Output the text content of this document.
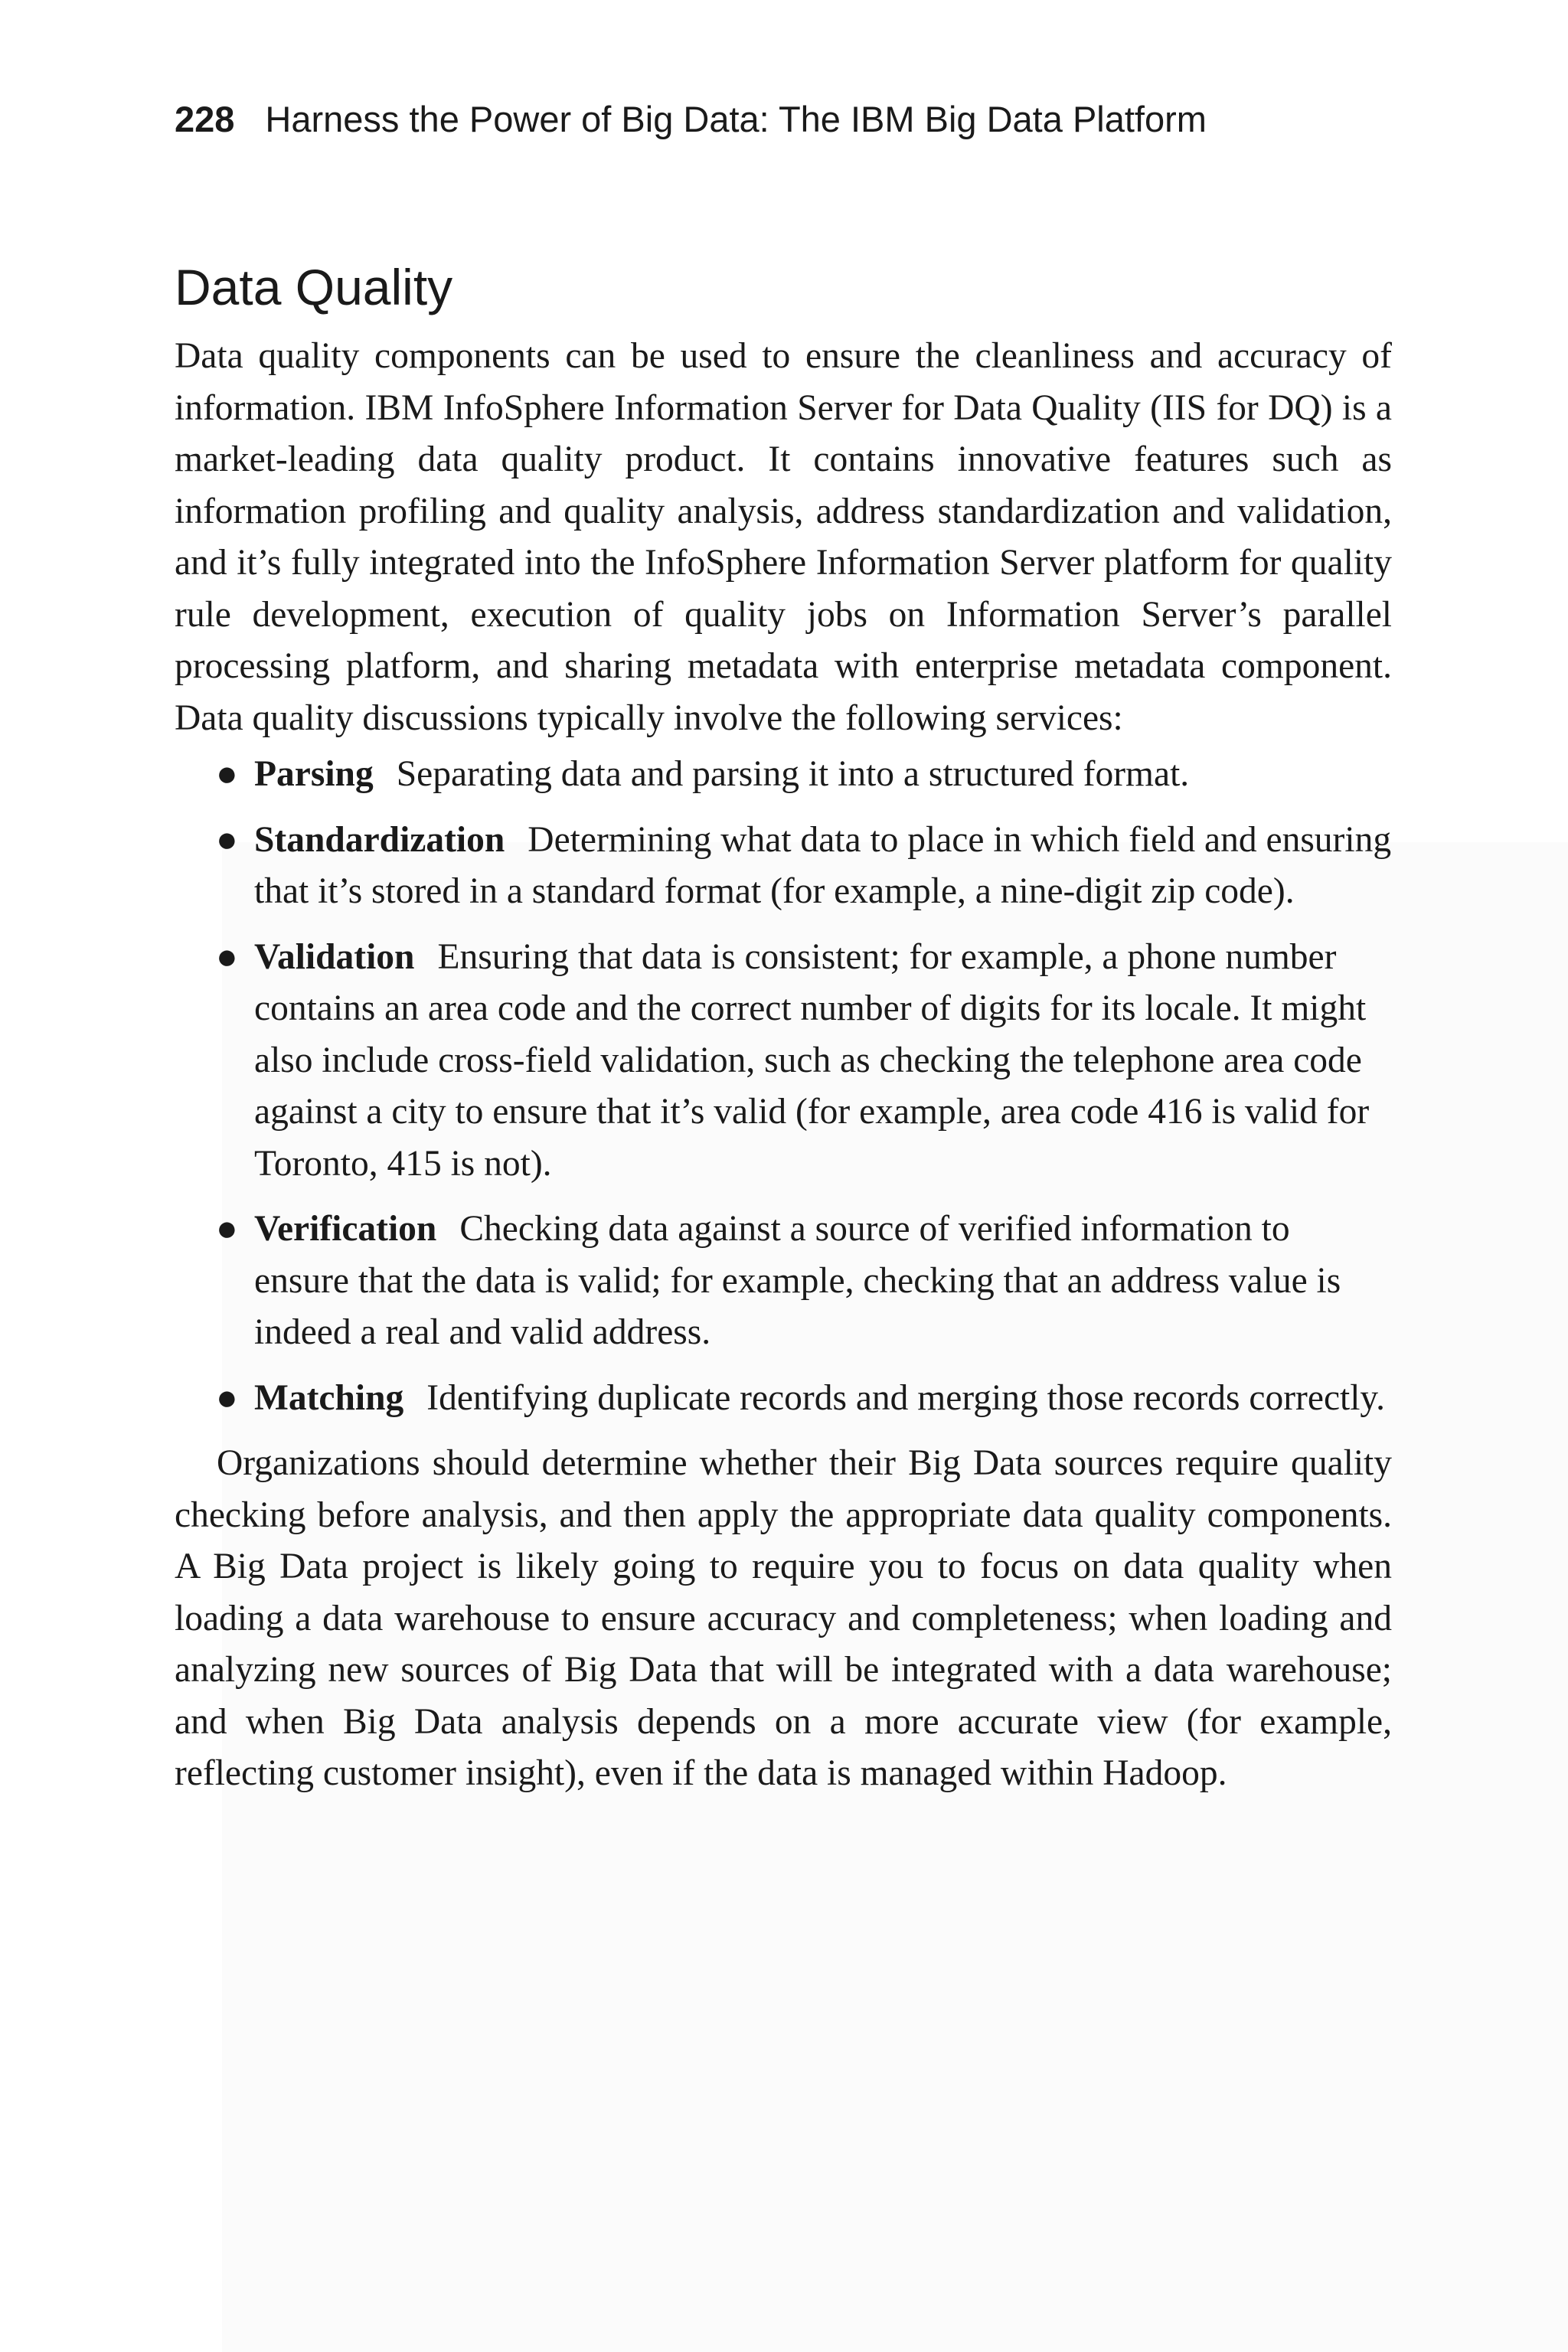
228 Harness the Power of Big Data: The IBM Big Data Platform
Data Quality

Data quality components can be used to ensure the cleanliness and accuracy of information. IBM InfoSphere Information Server for Data Quality (IIS for DQ) is a market-leading data quality product. It contains innovative features such as information profiling and quality analysis, address standardization and validation, and it’s fully integrated into the InfoSphere Information Server platform for quality rule development, execution of quality jobs on Information Server’s parallel processing platform, and sharing metadata with enterprise metadata component. Data quality discussions typically involve the following services:

● Parsing Separating data and parsing it into a structured format.
● Standardization Determining what data to place in which field and ensuring that it’s stored in a standard format (for example, a nine-digit zip code).
● Validation Ensuring that data is consistent; for example, a phone number contains an area code and the correct number of digits for its locale. It might also include cross-field validation, such as checking the telephone area code against a city to ensure that it’s valid (for example, area code 416 is valid for Toronto, 415 is not).
● Verification Checking data against a source of verified information to ensure that the data is valid; for example, checking that an address value is indeed a real and valid address.
● Matching Identifying duplicate records and merging those records correctly.

Organizations should determine whether their Big Data sources require quality checking before analysis, and then apply the appropriate data quality components. A Big Data project is likely going to require you to focus on data quality when loading a data warehouse to ensure accuracy and completeness; when loading and analyzing new sources of Big Data that will be integrated with a data warehouse; and when Big Data analysis depends on a more accurate view (for example, reflecting customer insight), even if the data is managed within Hadoop.
